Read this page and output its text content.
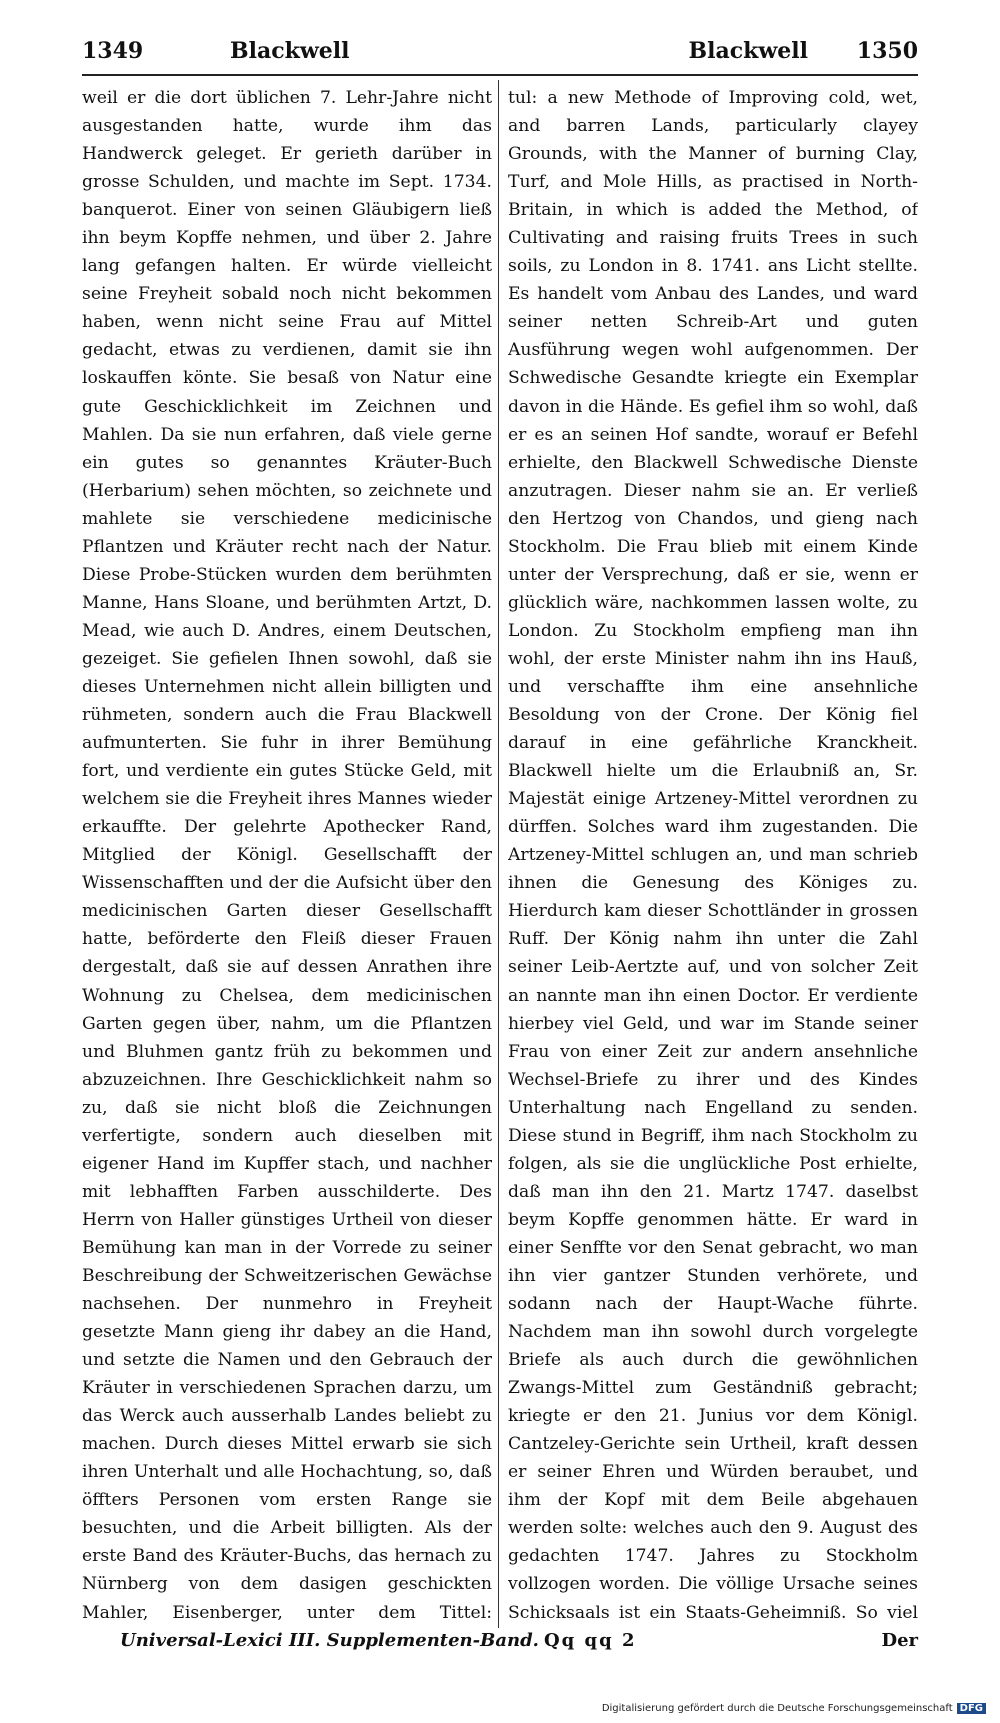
1349	Blackwell	Blackwell 1350

weil er die dort üblichen 7. Lehr-Jahre nicht ausgestanden hatte, wurde ihm das Handwerck geleget. Er gerieth darüber in grosse Schulden, und machte im Sept. 1734. banquerot. Einer von seinen Gläubigern ließ ihn beym Kopffe nehmen, und über 2. Jahre lang gefangen halten. Er würde vielleicht seine Freyheit sobald noch nicht bekommen haben, wenn nicht seine Frau auf Mittel gedacht, etwas zu verdienen, damit sie ihn loskauffen könte. Sie besaß von Natur eine gute Geschicklichkeit im Zeichnen und Mahlen. Da sie nun erfahren, daß viele gerne ein gutes so genanntes Kräuter-Buch (Herbarium) sehen möchten, so zeichnete und mahlete sie verschiedene medicinische Pflantzen und Kräuter recht nach der Natur. Diese Probe-Stücken wurden dem berühmten Manne, Hans Sloane, und berühmten Artzt, D. Mead, wie auch D. Andres, einem Deutschen, gezeiget. Sie gefielen Ihnen sowohl, daß sie dieses Unternehmen nicht allein billigten und rühmeten, sondern auch die Frau Blackwell aufmunterten. Sie fuhr in ihrer Bemühung fort, und verdiente ein gutes Stücke Geld, mit welchem sie die Freyheit ihres Mannes wieder erkauffte. Der gelehrte Apothecker Rand, Mitglied der Königl. Gesellschafft der Wissenschafften und der die Aufsicht über den medicinischen Garten dieser Gesellschafft hatte, beförderte den Fleiß dieser Frauen dergestalt, daß sie auf dessen Anrathen ihre Wohnung zu Chelsea, dem medicinischen Garten gegen über, nahm, um die Pflantzen und Bluhmen gantz früh zu bekommen und abzuzeichnen. Ihre Geschicklichkeit nahm so zu, daß sie nicht bloß die Zeichnungen verfertigte, sondern auch dieselben mit eigener Hand im Kupffer stach, und nachher mit lebhafften Farben ausschilderte. Des Herrn von Haller günstiges Urtheil von dieser Bemühung kan man in der Vorrede zu seiner Beschreibung der Schweitzerischen Gewächse nachsehen. Der nunmehro in Freyheit gesetzte Mann gieng ihr dabey an die Hand, und setzte die Namen und den Gebrauch der Kräuter in verschiedenen Sprachen darzu, um das Werck auch ausserhalb Landes beliebt zu machen. Durch dieses Mittel erwarb sie sich ihren Unterhalt und alle Hochachtung, so, daß öffters Personen vom ersten Range sie besuchten, und die Arbeit billigten. Als der erste Band des Kräuter-Buchs, das hernach zu Nürnberg von dem dasigen geschickten Mahler, Eisenberger, unter dem Tittel:

tul: a new Methode of Improving cold, wet, and barren Lands, particularly clayey Grounds, with the Manner of burning Clay, Turf, and Mole Hills, as practised in North-Britain, in which is added the Method, of Cultivating and raising fruits Trees in such soils, zu London in 8. 1741. ans Licht stellte. Es handelt vom Anbau des Landes, und ward seiner netten Schreib-Art und guten Ausführung wegen wohl aufgenommen. Der Schwedische Gesandte kriegte ein Exemplar davon in die Hände. Es gefiel ihm so wohl, daß er es an seinen Hof sandte, worauf er Befehl erhielte, den Blackwell Schwedische Dienste anzutragen. Dieser nahm sie an. Er verließ den Hertzog von Chandos, und gieng nach Stockholm. Die Frau blieb mit einem Kinde unter der Versprechung, daß er sie, wenn er glücklich wäre, nachkommen lassen wolte, zu London. Zu Stockholm empfieng man ihn wohl, der erste Minister nahm ihn ins Hauß, und verschaffte ihm eine ansehnliche Besoldung von der Crone. Der König fiel darauf in eine gefährliche Kranckheit. Blackwell hielte um die Erlaubniß an, Sr. Majestät einige Artzeney-Mittel verordnen zu dürffen. Solches ward ihm zugestanden. Die Artzeney-Mittel schlugen an, und man schrieb ihnen die Genesung des Königes zu. Hierdurch kam dieser Schottländer in grossen Ruff. Der König nahm ihn unter die Zahl seiner Leib-Aertzte auf, und von solcher Zeit an nannte man ihn einen Doctor. Er verdiente hierbey viel Geld, und war im Stande seiner Frau von einer Zeit zur andern ansehnliche Wechsel-Briefe zu ihrer und des Kindes Unterhaltung nach Engelland zu senden. Diese stund in Begriff, ihm nach Stockholm zu folgen, als sie die unglückliche Post erhielte, daß man ihn den 21. Martz 1747. daselbst beym Kopffe genommen hätte. Er ward in einer Senffte vor den Senat gebracht, wo man ihn vier gantzer Stunden verhörete, und sodann nach der Haupt-Wache führte. Nachdem man ihn sowohl durch vorgelegte Briefe als auch durch die gewöhnlichen Zwangs-Mittel zum Geständniß gebracht; kriegte er den 21. Junius vor dem Königl. Cantzeley-Gerichte sein Urtheil, kraft dessen er seiner Ehren und Würden beraubet, und ihm der Kopf mit dem Beile abgehauen werden solte: welches auch den 9. August des gedachten 1747. Jahres zu Stockholm vollzogen worden. Die völlige Ursache seines Schicksaals ist ein Staats-Geheimniß. So viel

Universal-Lexici III. Supplementen-Band. Qq qq 2	Der
Digitalisierung gefördert durch die Deutsche Forschungsgemeinschaft DFG
